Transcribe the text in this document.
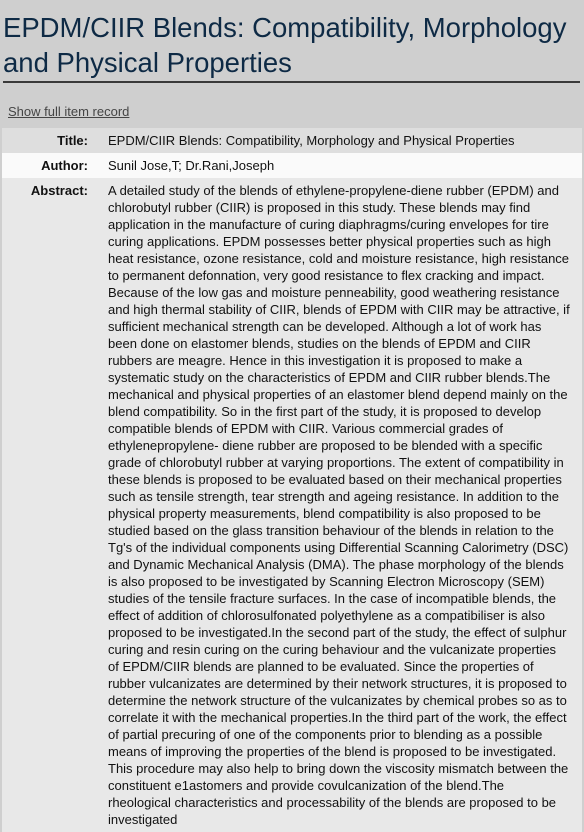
EPDM/CIIR Blends: Compatibility, Morphology and Physical Properties
Show full item record
Title:	EPDM/CIIR Blends: Compatibility, Morphology and Physical Properties
Author:	Sunil Jose,T; Dr.Rani,Joseph
Abstract:	A detailed study of the blends of ethylene-propylene-diene rubber (EPDM) and chlorobutyl rubber (CIIR) is proposed in this study. These blends may find application in the manufacture of curing diaphragms/curing envelopes for tire curing applications. EPDM possesses better physical properties such as high heat resistance, ozone resistance, cold and moisture resistance, high resistance to permanent defonnation, very good resistance to flex cracking and impact. Because of the low gas and moisture penneability, good weathering resistance and high thermal stability of CIIR, blends of EPDM with CIIR may be attractive, if sufficient mechanical strength can be developed. Although a lot of work has been done on elastomer blends, studies on the blends of EPDM and CIIR rubbers are meagre. Hence in this investigation it is proposed to make a systematic study on the characteristics of EPDM and CIIR rubber blends.The mechanical and physical properties of an elastomer blend depend mainly on the blend compatibility. So in the first part of the study, it is proposed to develop compatible blends of EPDM with CIIR. Various commercial grades of ethylenepropylene- diene rubber are proposed to be blended with a specific grade of chlorobutyl rubber at varying proportions. The extent of compatibility in these blends is proposed to be evaluated based on their mechanical properties such as tensile strength, tear strength and ageing resistance. In addition to the physical property measurements, blend compatibility is also proposed to be studied based on the glass transition behaviour of the blends in relation to the Tg's of the individual components using Differential Scanning Calorimetry (DSC) and Dynamic Mechanical Analysis (DMA). The phase morphology of the blends is also proposed to be investigated by Scanning Electron Microscopy (SEM) studies of the tensile fracture surfaces. In the case of incompatible blends, the effect of addition of chlorosulfonated polyethylene as a compatibiliser is also proposed to be investigated.In the second part of the study, the effect of sulphur curing and resin curing on the curing behaviour and the vulcanizate properties of EPDM/CIIR blends are planned to be evaluated. Since the properties of rubber vulcanizates are determined by their network structures, it is proposed to determine the network structure of the vulcanizates by chemical probes so as to correlate it with the mechanical properties.In the third part of the work, the effect of partial precuring of one of the components prior to blending as a possible means of improving the properties of the blend is proposed to be investigated. This procedure may also help to bring down the viscosity mismatch between the constituent e1astomers and provide covulcanization of the blend.The rheological characteristics and processability of the blends are proposed to be investigated
